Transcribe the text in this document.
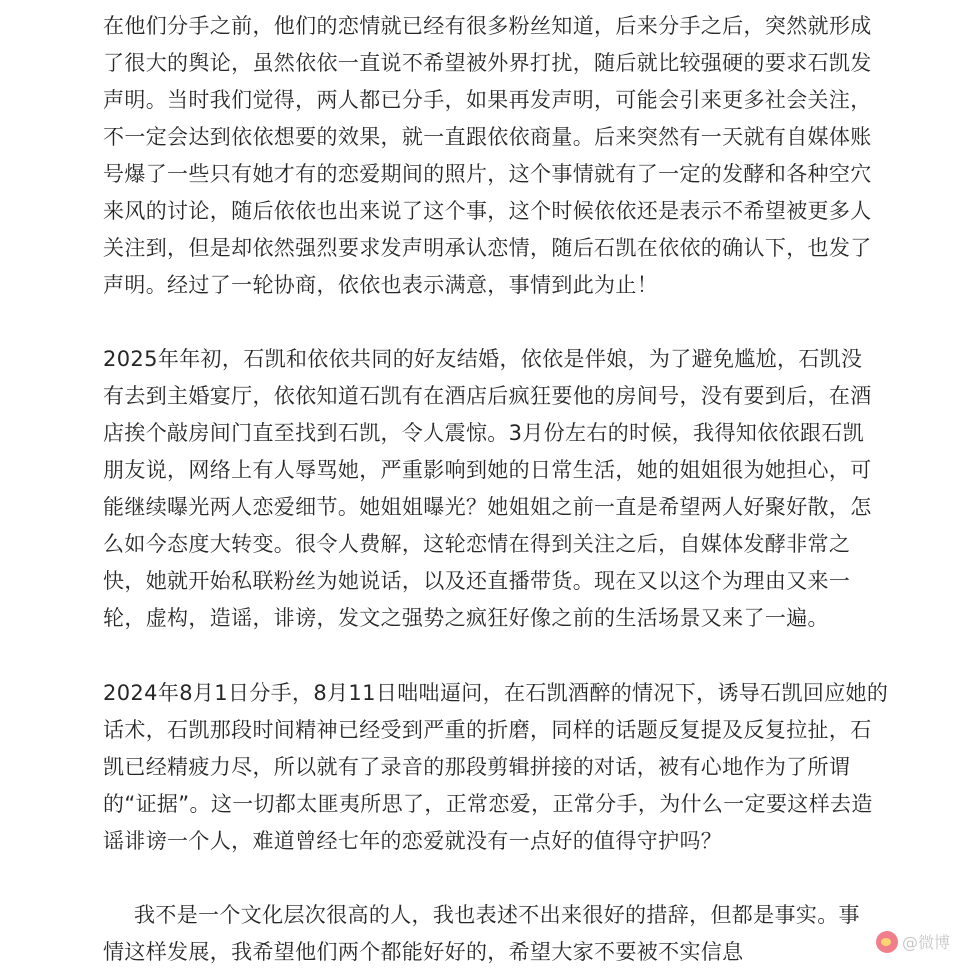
在他们分手之前，他们的恋情就已经有很多粉丝知道，后来分手之后，突然就形成
了很大的舆论，虽然依依一直说不希望被外界打扰，随后就比较强硬的要求石凯发
声明。当时我们觉得，两人都已分手，如果再发声明，可能会引来更多社会关注，
不一定会达到依依想要的效果，就一直跟依依商量。后来突然有一天就有自媒体账
号爆了一些只有她才有的恋爱期间的照片，这个事情就有了一定的发酵和各种空穴
来风的讨论，随后依依也出来说了这个事，这个时候依依还是表示不希望被更多人
关注到，但是却依然强烈要求发声明承认恋情，随后石凯在依依的确认下，也发了
声明。经过了一轮协商，依依也表示满意，事情到此为止！

2025年年初，石凯和依依共同的好友结婚，依依是伴娘，为了避免尴尬，石凯没
有去到主婚宴厅，依依知道石凯有在酒店后疯狂要他的房间号，没有要到后，在酒
店挨个敲房间门直至找到石凯，令人震惊。3月份左右的时候，我得知依依跟石凯
朋友说，网络上有人辱骂她，严重影响到她的日常生活，她的姐姐很为她担心，可
能继续曝光两人恋爱细节。她姐姐曝光？她姐姐之前一直是希望两人好聚好散，怎
么如今态度大转变。很令人费解，这轮恋情在得到关注之后，自媒体发酵非常之
快，她就开始私联粉丝为她说话，以及还直播带货。现在又以这个为理由又来一
轮，虚构，造谣，诽谤，发文之强势之疯狂好像之前的生活场景又来了一遍。

2024年8月1日分手，8月11日咄咄逼问，在石凯酒醉的情况下，诱导石凯回应她的
话术，石凯那段时间精神已经受到严重的折磨，同样的话题反复提及反复拉扯，石
凯已经精疲力尽，所以就有了录音的那段剪辑拼接的对话，被有心地作为了所谓
的“证据”。这一切都太匪夷所思了，正常恋爱，正常分手，为什么一定要这样去造
谣诽谤一个人，难道曾经七年的恋爱就没有一点好的值得守护吗？

我不是一个文化层次很高的人，我也表述不出来很好的措辞，但都是事实。事
情这样发展，我希望他们两个都能好好的，希望大家不要被不实信息	@微博
